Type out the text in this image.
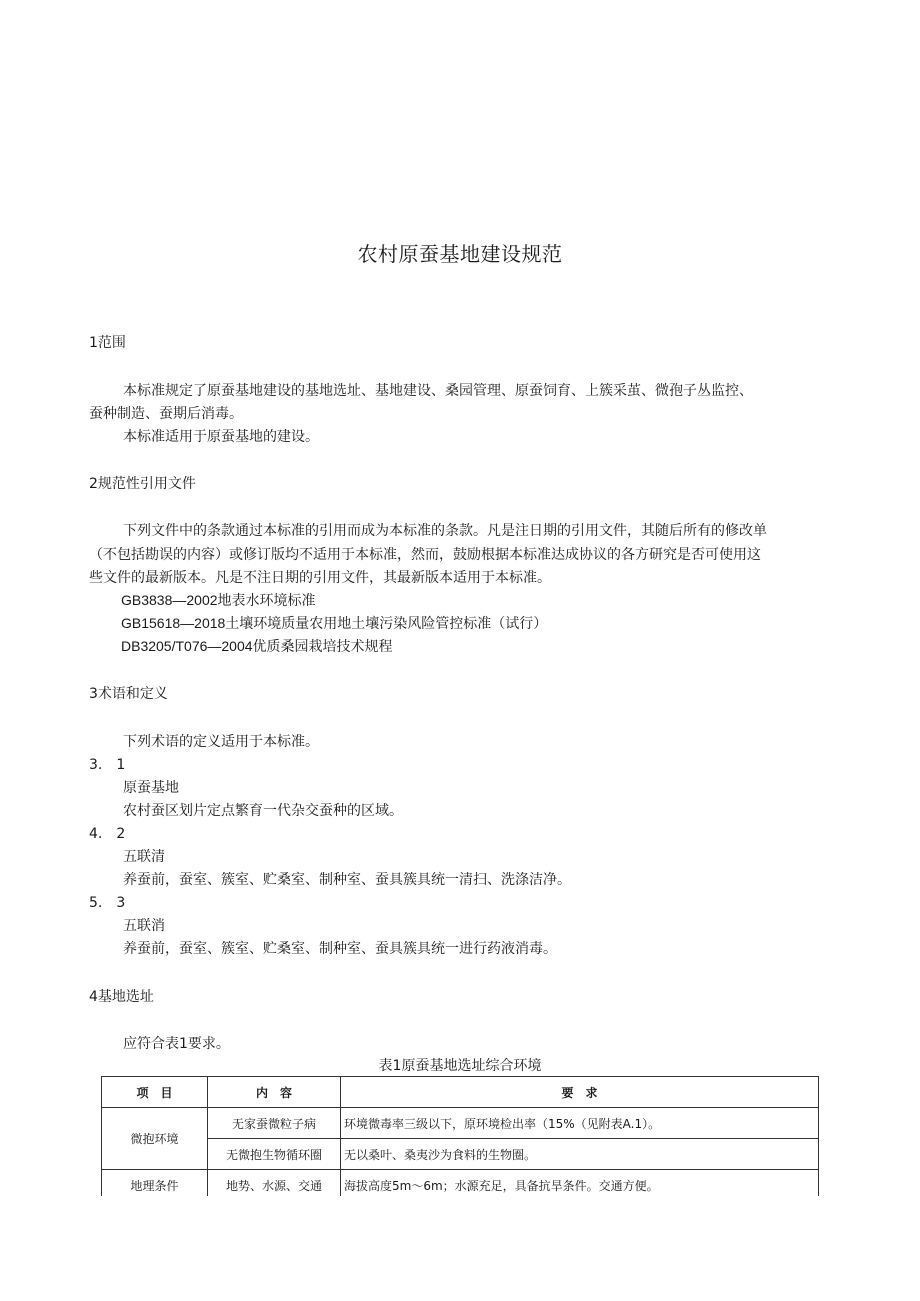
农村原蚕基地建设规范
1范围
本标准规定了原蚕基地建设的基地选址、基地建设、桑园管理、原蚕饲育、上簇采茧、微孢子丛监控、
蚕种制造、蚕期后消毒。
本标准适用于原蚕基地的建设。
2规范性引用文件
下列文件中的条款通过本标准的引用而成为本标准的条款。凡是注日期的引用文件，其随后所有的修改单
（不包括勘误的内容）或修订版均不适用于本标准，然而，鼓励根据本标准达成协议的各方研究是否可使用这
些文件的最新版本。凡是不注日期的引用文件，其最新版本适用于本标准。
GB3838—2002地表水环境标准
GB15618—2018土壤环境质量农用地土壤污染风险管控标准（试行）
DB3205/T076—2004优质桑园栽培技术规程
3术语和定义
下列术语的定义适用于本标准。
3.　1
原蚕基地
农村蚕区划片定点繁育一代杂交蚕种的区域。
4.　2
五联清
养蚕前，蚕室、簇室、贮桑室、制种室、蚕具簇具统一清扫、洗涤洁净。
5.　3
五联消
养蚕前，蚕室、簇室、贮桑室、制种室、蚕具簇具统一进行药液消毒。
4基地选址
应符合表1要求。
表1原蚕基地选址综合环境
项　目	内　容	要　求
微抱环境	无家蚕微粒子病	环境微毒率三级以下，原环境检出率（15%（见附表A.1）。
	无微抱生物循环圈	无以桑叶、桑夷沙为食料的生物圈。
地理条件	地势、水源、交通	海拔高度5m〜6m；水源充足，具备抗旱条件。交通方便。
